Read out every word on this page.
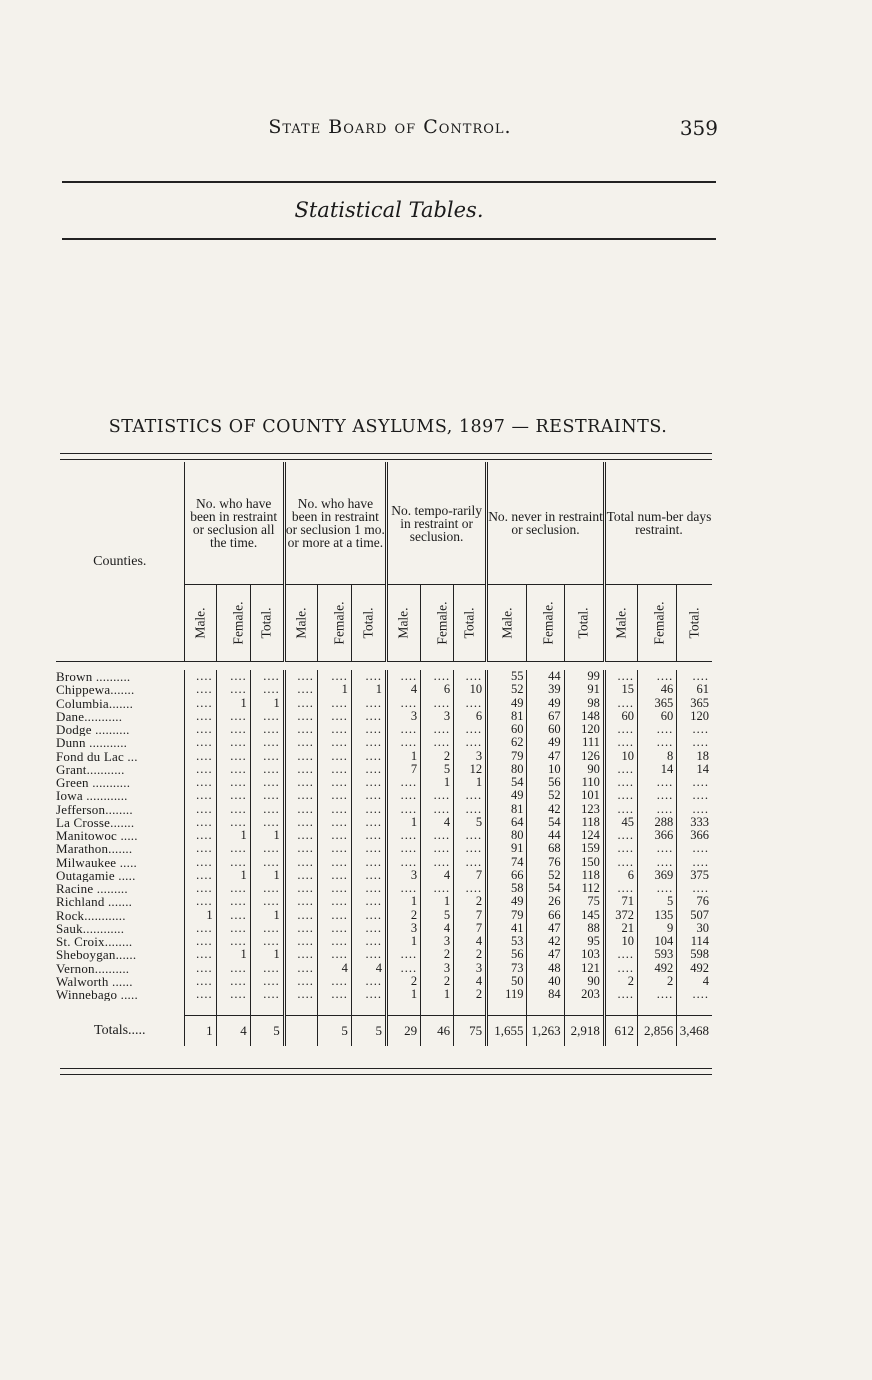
State Board of Control.	359
Statistical Tables.
STATISTICS OF COUNTY ASYLUMS, 1897 — RESTRAINTS.
Counties.	No. who have been in restraint or seclusion all the time.			No. who have been in restraint or seclusion 1 mo. or more at a time.			No. tempo-rarily in restraint or seclusion.			No. never in restraint or seclusion.			Total num-ber days restraint.		
	Male.	Female.	Total.	Male.	Female.	Total.	Male.	Female.	Total.	Male.	Female.	Total.	Male.	Female.	Total.

Brown ..........	....	....	....	....	....	....	....	....	....	55	44	99	....	....	....
Chippewa.......	....	....	....	....	1	1	4	6	10	52	39	91	15	46	61
Columbia.......	....	1	1	....	....	....	....	....	....	49	49	98	....	365	365
Dane...........	....	....	....	....	....	....	3	3	6	81	67	148	60	60	120
Dodge ..........	....	....	....	....	....	....	....	....	....	60	60	120	....	....	....
Dunn ...........	....	....	....	....	....	....	....	....	....	62	49	111	....	....	....
Fond du Lac ...	....	....	....	....	....	....	1	2	3	79	47	126	10	8	18
Grant...........	....	....	....	....	....	....	7	5	12	80	10	90	....	14	14
Green ...........	....	....	....	....	....	....	....	1	1	54	56	110	....	....	....
Iowa ............	....	....	....	....	....	....	....	....	....	49	52	101	....	....	....
Jefferson........	....	....	....	....	....	....	....	....	....	81	42	123	....	....	....
La Crosse.......	....	....	....	....	....	....	1	4	5	64	54	118	45	288	333
Manitowoc .....	....	1	1	....	....	....	....	....	....	80	44	124	....	366	366
Marathon.......	....	....	....	....	....	....	....	....	....	91	68	159	....	....	....
Milwaukee .....	....	....	....	....	....	....	....	....	....	74	76	150	....	....	....
Outagamie .....	....	1	1	....	....	....	3	4	7	66	52	118	6	369	375
Racine .........	....	....	....	....	....	....	....	....	....	58	54	112	....	....	....
Richland .......	....	....	....	....	....	....	1	1	2	49	26	75	71	5	76
Rock............	1	....	1	....	....	....	2	5	7	79	66	145	372	135	507
Sauk............	....	....	....	....	....	....	3	4	7	41	47	88	21	9	30
St. Croix........	....	....	....	....	....	....	1	3	4	53	42	95	10	104	114
Sheboygan......	....	1	1	....	....	....	....	2	2	56	47	103	....	593	598
Vernon..........	....	....	....	....	4	4	....	3	3	73	48	121	....	492	492
Walworth ......	....	....	....	....	....	....	2	2	4	50	40	90	2	2	4
Winnebago .....	....	....	....	....	....	....	1	1	2	119	84	203	....	....	....

Totals.....	1	4	5		5	5	29	46	75	1,655	1,263	2,918	612	2,856	3,468
